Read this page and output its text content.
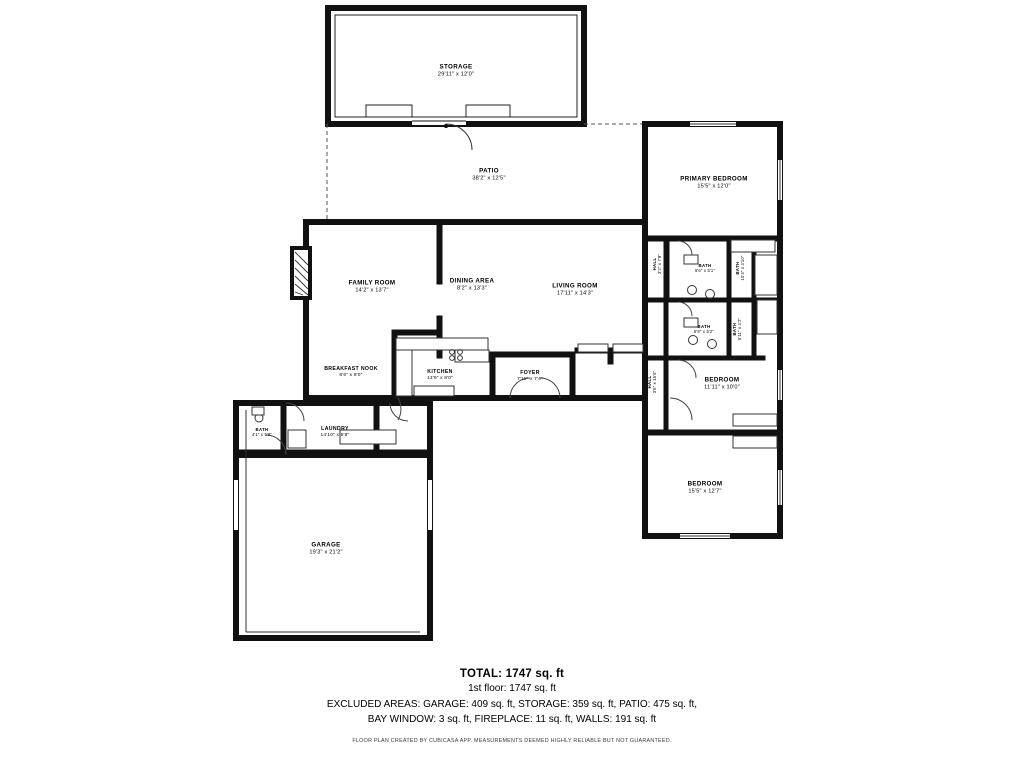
STORAGE
29'11" x 12'0"
PATIO
38'2" x 12'5"	PRIMARY BEDROOM
15'5" x 12'0"
FAMILY ROOM
14'2" x 13'7"
DINING AREA
8'2" x 13'3"	LIVING ROOM
17'11" x 14'3"
BATH
5'6" x 5'1"	BATH 10'3" x 4'10"
BATH
5'8" x 5'2"	BATH 5'11" x 4'2"
HALL 3'2" x 7'9"
HALL 3'6" x 15'6"	BEDROOM
11'11" x 10'0"
BEDROOM
15'5" x 12'7"
BREAKFAST NOOK
8'6" x 8'0"	KITCHEN
13'9" x 8'0"
FOYER
7'11" x 7'4"
LAUNDRY
14'10" x 5'8"
BATH
4'1" x 5'8"
GARAGE
19'3" x 21'2"
TOTAL: 1747 sq. ft
1st floor: 1747 sq. ft
EXCLUDED AREAS: GARAGE: 409 sq. ft, STORAGE: 359 sq. ft, PATIO: 475 sq. ft,
BAY WINDOW: 3 sq. ft, FIREPLACE: 11 sq. ft, WALLS: 191 sq. ft
FLOOR PLAN CREATED BY CUBICASA APP. MEASUREMENTS DEEMED HIGHLY RELIABLE BUT NOT GUARANTEED.
